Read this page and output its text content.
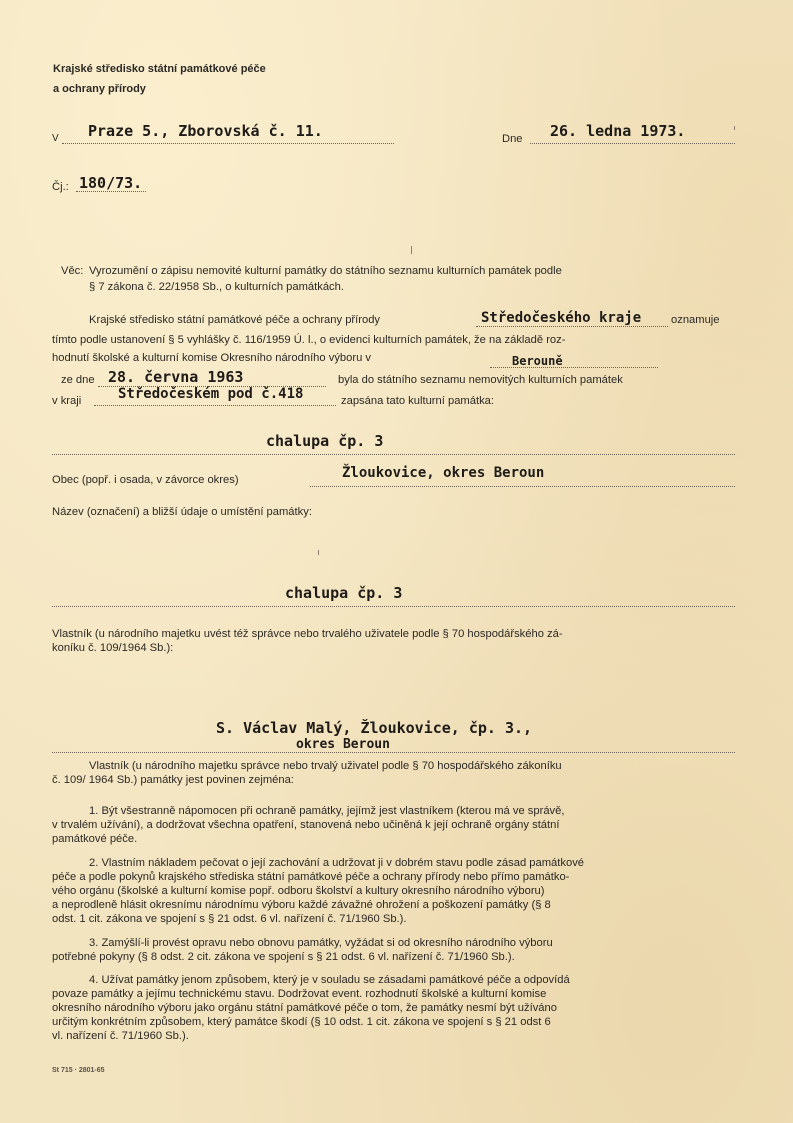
Krajské středisko státní památkové péče
a ochrany přírody
V Praze 5., Zborovská č. 11.	Dne 26. ledna 1973.
Čj.: 180/73.
Věc: Vyrozumění o zápisu nemovité kulturní památky do státního seznamu kulturních památek podle
§ 7 zákona č. 22/1958 Sb., o kulturních památkách.
Krajské středisko státní památkové péče a ochrany přírody	Středočeského kraje	oznamuje
tímto podle ustanovení § 5 vyhlášky č. 116/1959 Ú. l., o evidenci kulturních památek, že na základě roz-
hodnutí školské a kulturní komise Okresního národního výboru v	Berouně
ze dne 28. června 1963	byla do státního seznamu nemovitých kulturních památek
v kraji	Středočeském pod č.418	zapsána tato kulturní památka:
chalupa čp. 3
Obec (popř. i osada, v závorce okres)	Žloukovice, okres Beroun
Název (označení) a bližší údaje o umístění památky:
chalupa čp. 3
Vlastník (u národního majetku uvést též správce nebo trvalého uživatele podle § 70 hospodářského zá-
koníku č. 109/1964 Sb.):
S. Václav Malý, Žloukovice, čp. 3.,
okres Beroun
Vlastník (u národního majetku správce nebo trvalý uživatel podle § 70 hospodářského zákoníku
č. 109/ 1964 Sb.) památky jest povinen zejména:
1. Být všestranně nápomocen při ochraně památky, jejímž jest vlastníkem (kterou má ve správě,
v trvalém užívání), a dodržovat všechna opatření, stanovená nebo učiněná k její ochraně orgány státní
památkové péče.
2. Vlastním nákladem pečovat o její zachování a udržovat ji v dobrém stavu podle zásad památkové
péče a podle pokynů krajského střediska státní památkové péče a ochrany přírody nebo přímo památko-
vého orgánu (školské a kulturní komise popř. odboru školství a kultury okresního národního výboru)
a neprodleně hlásit okresnímu národnímu výboru každé závažné ohrožení a poškození památky (§ 8
odst. 1 cit. zákona ve spojení s § 21 odst. 6 vl. nařízení č. 71/1960 Sb.).
3. Zamýšlí-li provést opravu nebo obnovu památky, vyžádat si od okresního národního výboru
potřebné pokyny (§ 8 odst. 2 cit. zákona ve spojení s § 21 odst. 6 vl. nařízení č. 71/1960 Sb.).
4. Užívat památky jenom způsobem, který je v souladu se zásadami památkové péče a odpovídá
povaze památky a jejímu technickému stavu. Dodržovat event. rozhodnutí školské a kulturní komise
okresního národního výboru jako orgánu státní památkové péče o tom, že památky nesmí být užíváno
určitým konkrétním způsobem, který památce škodí (§ 10 odst. 1 cit. zákona ve spojení s § 21 odst 6
vl. nařízení č. 71/1960 Sb.).
St 715 · 2801-65
